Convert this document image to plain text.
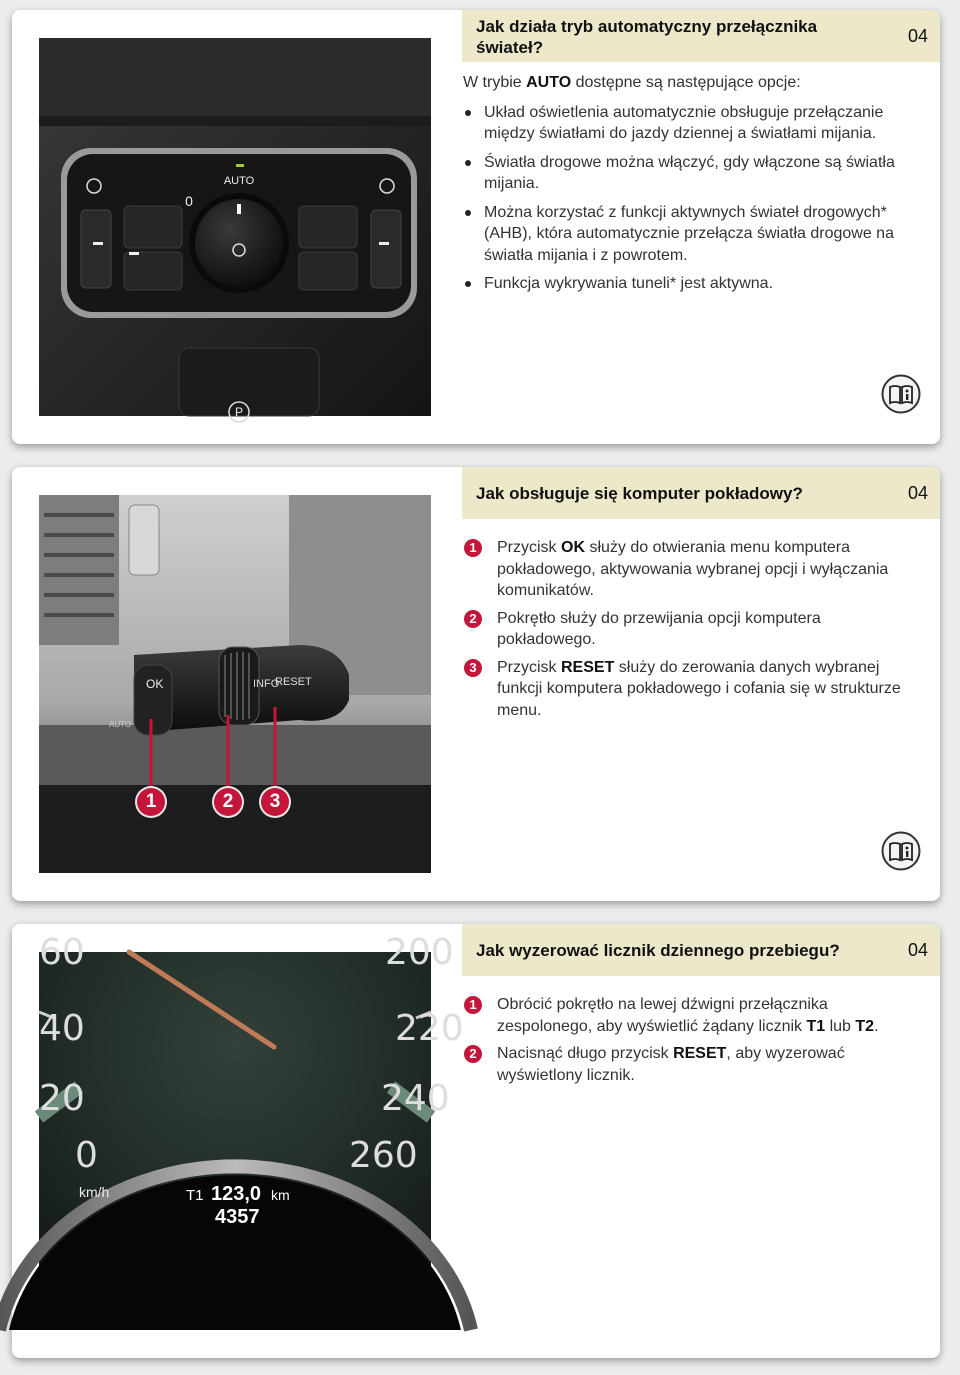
AUTO
0
P
Jak działa tryb automatyczny przełącznika świateł?
04

W trybie AUTO dostępne są następujące opcje:

Układ oświetlenia automatycznie obsługuje przełączanie między światłami do jazdy dziennej a światłami mijania.
Światła drogowe można włączyć, gdy włączone są światła mijania.
Można korzystać z funkcji aktywnych świateł drogowych* (AHB), która automatycznie przełącza światła drogowe na światła mijania i z powrotem.
Funkcja wykrywania tuneli* jest aktywna.
OK	INFO
RESET
AUTO
1	2	3
Jak obsługuje się komputer pokładowy?	04
1	Przycisk OK służy do otwierania menu komputera pokładowego, aktywowania wybranej opcji i wyłączania komunikatów.
2	Pokrętło służy do przewijania opcji komputera pokładowego.
3	Przycisk RESET służy do zerowania danych wybranej funkcji komputera pokładowego i cofania się w strukturze menu.
60
40
20
0
200
220
240
260
km/h	T1 123,0 km
4357
Jak wyzerować licznik dziennego przebiegu?	04
1	Obrócić pokrętło na lewej dźwigni przełącznika zespolonego, aby wyświetlić żądany licznik T1 lub T2.
2	Nacisnąć długo przycisk RESET, aby wyzerować wyświetlony licznik.
